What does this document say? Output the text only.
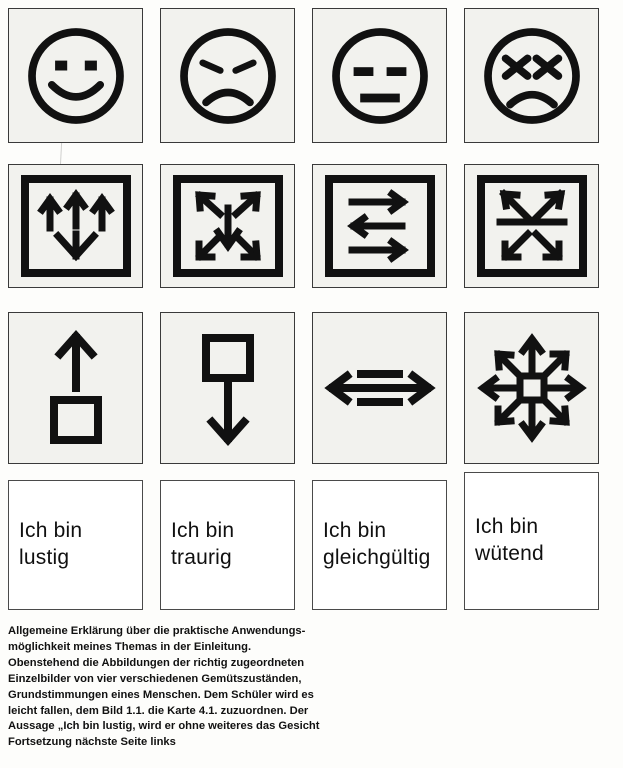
Ich bin
lustig
Ich bin
traurig
Ich bin
gleichgültig
Ich bin
wütend

Allgemeine Erklärung über die praktische Anwendungs-

möglichkeit meines Themas in der Einleitung.

Obenstehend die Abbildungen der richtig zugeordneten

Einzelbilder von vier verschiedenen Gemütszuständen,

Grundstimmungen eines Menschen. Dem Schüler wird es

leicht fallen, dem Bild 1.1. die Karte 4.1. zuzuordnen. Der

Aussage „Ich bin lustig, wird er ohne weiteres das Gesicht

Fortsetzung nächste Seite links
